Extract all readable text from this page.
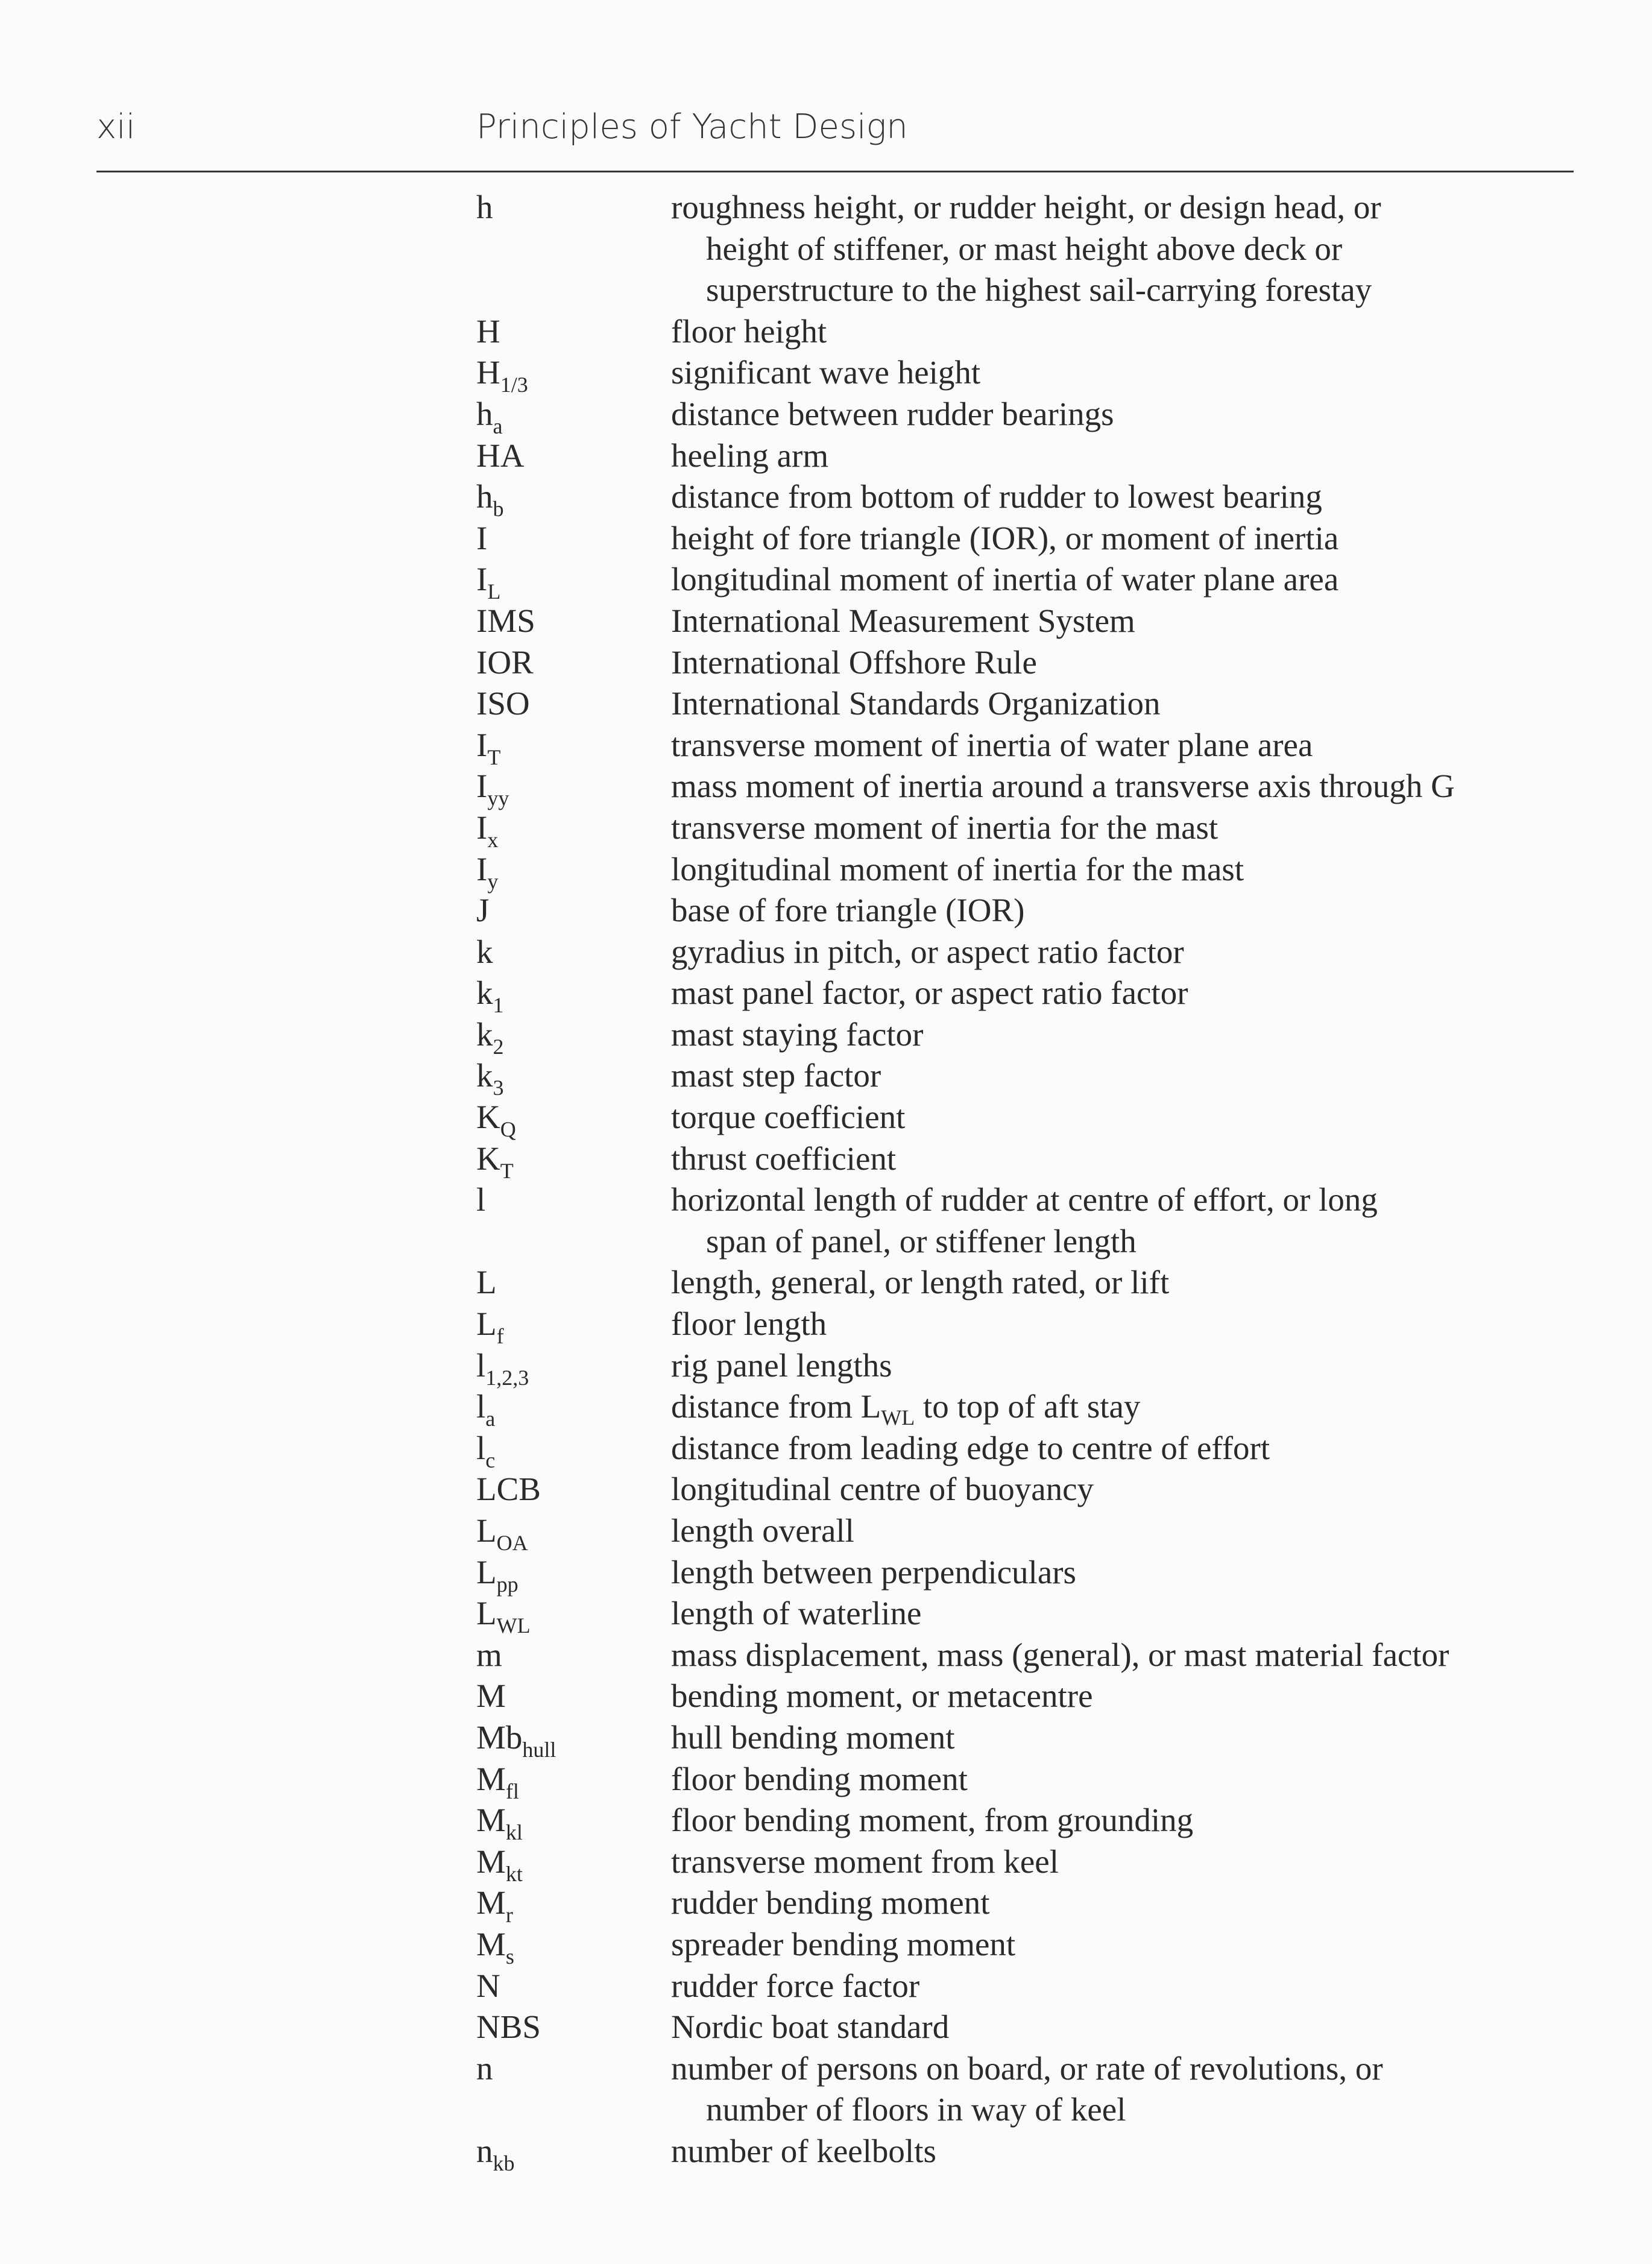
xii	Principles of Yacht Design
h	roughness height, or rudder height, or design head, or
height of stiffener, or mast height above deck or
superstructure to the highest sail-carrying forestay
H	floor height
$H_{1/3}$	significant wave height
$h_a$	distance between rudder bearings
HA	heeling arm
$h_b$	distance from bottom of rudder to lowest bearing
I	height of fore triangle (IOR), or moment of inertia
$I_L$	longitudinal moment of inertia of water plane area
IMS	International Measurement System
IOR	International Offshore Rule
ISO	International Standards Organization
$I_T$	transverse moment of inertia of water plane area
$I_{yy}$	mass moment of inertia around a transverse axis through G
$I_x$	transverse moment of inertia for the mast
$I_y$	longitudinal moment of inertia for the mast
J	base of fore triangle (IOR)
k	gyradius in pitch, or aspect ratio factor
$k_1$	mast panel factor, or aspect ratio factor
$k_2$	mast staying factor
$k_3$	mast step factor
$K_Q$	torque coefficient
$K_T$	thrust coefficient
l	horizontal length of rudder at centre of effort, or long
span of panel, or stiffener length
L	length, general, or length rated, or lift
$L_f$	floor length
$l_{1,2,3}$	rig panel lengths
$l_a$	distance from $L_{WL}$ to top of aft stay
$l_c$	distance from leading edge to centre of effort
LCB	longitudinal centre of buoyancy
$L_{OA}$	length overall
$L_{pp}$	length between perpendiculars
$L_{WL}$	length of waterline
m	mass displacement, mass (general), or mast material factor
M	bending moment, or metacentre
$Mb_{hull}$	hull bending moment
$M_{fl}$	floor bending moment
$M_{kl}$	floor bending moment, from grounding
$M_{kt}$	transverse moment from keel
$M_r$	rudder bending moment
$M_s$	spreader bending moment
N	rudder force factor
NBS	Nordic boat standard
n	number of persons on board, or rate of revolutions, or
number of floors in way of keel
$n_{kb}$	number of keelbolts
